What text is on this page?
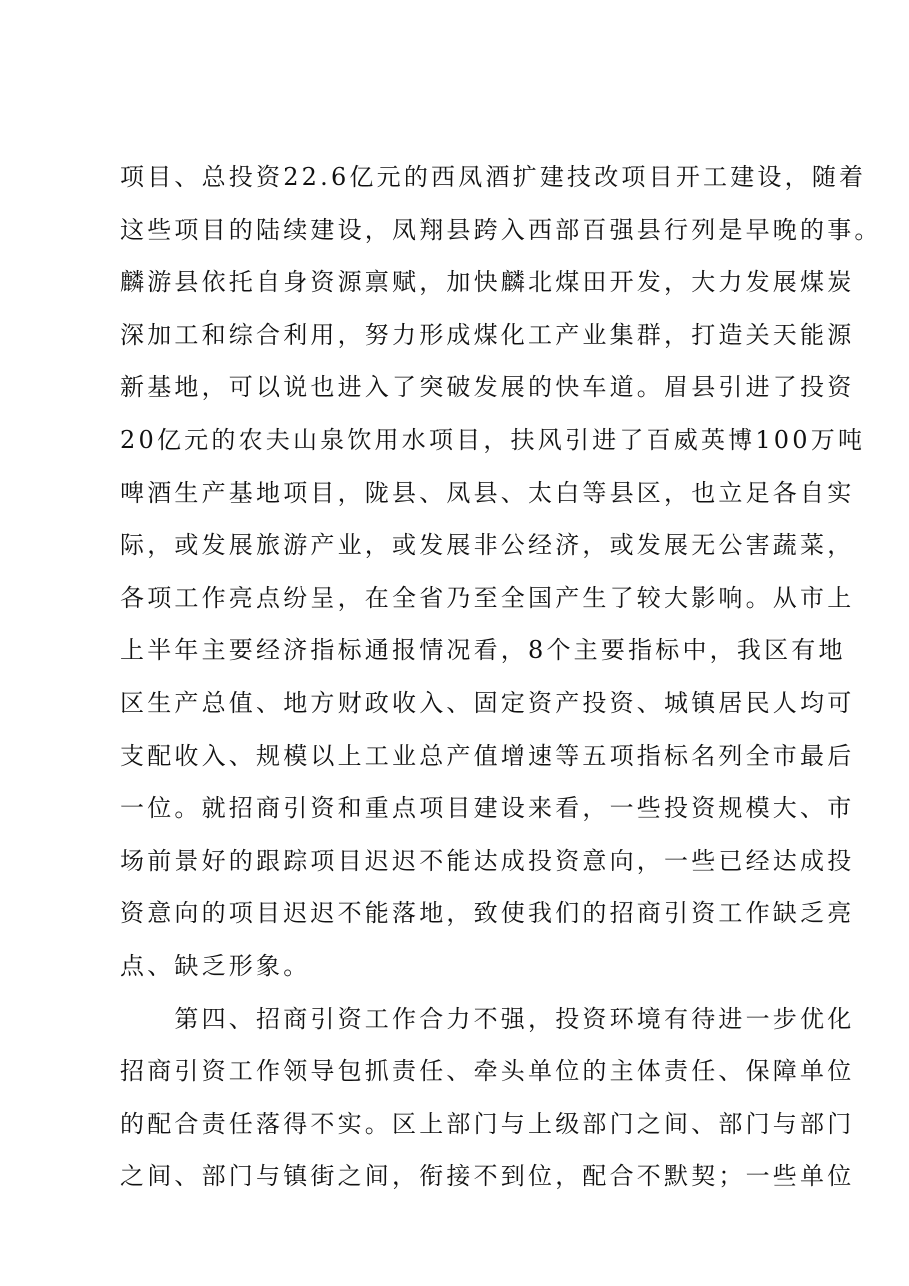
项目、总投资22.6亿元的西凤酒扩建技改项目开工建设，随着
这些项目的陆续建设，凤翔县跨入西部百强县行列是早晚的事。
麟游县依托自身资源禀赋，加快麟北煤田开发，大力发展煤炭
深加工和综合利用，努力形成煤化工产业集群，打造关天能源
新基地，可以说也进入了突破发展的快车道。眉县引进了投资
20亿元的农夫山泉饮用水项目，扶风引进了百威英博100万吨
啤酒生产基地项目，陇县、凤县、太白等县区，也立足各自实
际，或发展旅游产业，或发展非公经济，或发展无公害蔬菜，
各项工作亮点纷呈，在全省乃至全国产生了较大影响。从市上
上半年主要经济指标通报情况看，8个主要指标中，我区有地
区生产总值、地方财政收入、固定资产投资、城镇居民人均可
支配收入、规模以上工业总产值增速等五项指标名列全市最后
一位。就招商引资和重点项目建设来看，一些投资规模大、市
场前景好的跟踪项目迟迟不能达成投资意向，一些已经达成投
资意向的项目迟迟不能落地，致使我们的招商引资工作缺乏亮
点、缺乏形象。
　　第四、招商引资工作合力不强，投资环境有待进一步优化
招商引资工作领导包抓责任、牵头单位的主体责任、保障单位
的配合责任落得不实。区上部门与上级部门之间、部门与部门
之间、部门与镇街之间，衔接不到位，配合不默契；一些单位
